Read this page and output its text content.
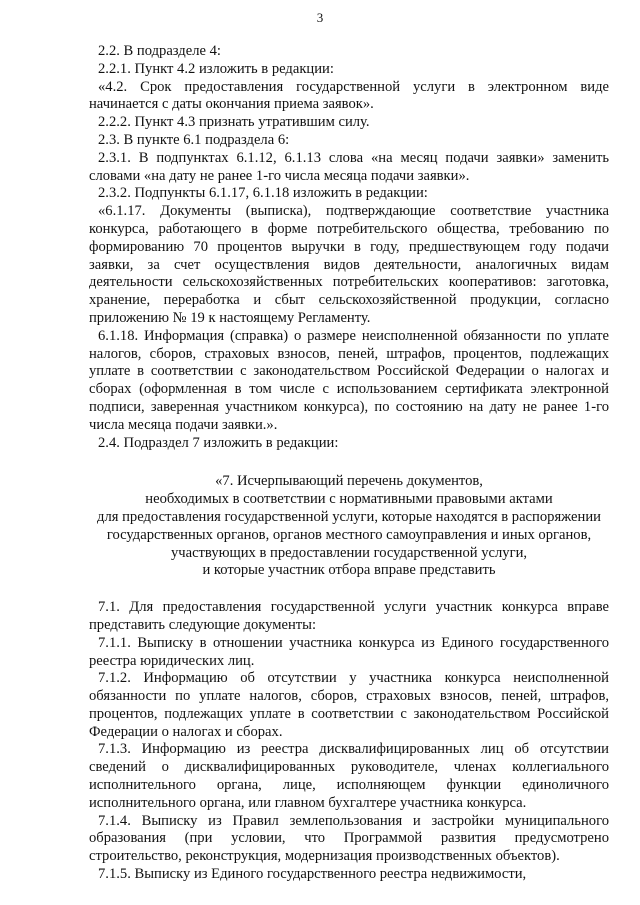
3

2.2. В подразделе 4:

2.2.1. Пункт 4.2 изложить в редакции:

«4.2. Срок предоставления государственной услуги в электронном виде начинается с даты окончания приема заявок».

2.2.2. Пункт 4.3 признать утратившим силу.

2.3. В пункте 6.1 подраздела 6:

2.3.1. В подпунктах 6.1.12, 6.1.13 слова «на месяц подачи заявки» заменить словами «на дату не ранее 1-го числа месяца подачи заявки».

2.3.2. Подпункты 6.1.17, 6.1.18 изложить в редакции:

«6.1.17. Документы (выписка), подтверждающие соответствие участника конкурса, работающего в форме потребительского общества, требованию по формированию 70 процентов выручки в году, предшествующем году подачи заявки, за счет осуществления видов деятельности, аналогичных видам деятельности сельскохозяйственных потребительских кооперативов: заготовка, хранение, переработка и сбыт сельскохозяйственной продукции, согласно приложению № 19 к настоящему Регламенту.

6.1.18. Информация (справка) о размере неисполненной обязанности по уплате налогов, сборов, страховых взносов, пеней, штрафов, процентов, подлежащих уплате в соответствии с законодательством Российской Федерации о налогах и сборах (оформленная в том числе с использованием сертификата электронной подписи, заверенная участником конкурса), по состоянию на дату не ранее 1-го числа месяца подачи заявки.».

2.4. Подраздел 7 изложить в редакции:

«7. Исчерпывающий перечень документов,

необходимых в соответствии с нормативными правовыми актами

для предоставления государственной услуги, которые находятся в распоряжении

государственных органов, органов местного самоуправления и иных органов,

участвующих в предоставлении государственной услуги,

и которые участник отбора вправе представить

7.1. Для предоставления государственной услуги участник конкурса вправе представить следующие документы:

7.1.1. Выписку в отношении участника конкурса из Единого государственного реестра юридических лиц.

7.1.2. Информацию об отсутствии у участника конкурса неисполненной обязанности по уплате налогов, сборов, страховых взносов, пеней, штрафов, процентов, подлежащих уплате в соответствии с законодательством Российской Федерации о налогах и сборах.

7.1.3. Информацию из реестра дисквалифицированных лиц об отсутствии сведений о дисквалифицированных руководителе, членах коллегиального исполнительного органа, лице, исполняющем функции единоличного исполнительного органа, или главном бухгалтере участника конкурса.

7.1.4. Выписку из Правил землепользования и застройки муниципального образования (при условии, что Программой развития предусмотрено строительство, реконструкция, модернизация производственных объектов).

7.1.5. Выписку из Единого государственного реестра недвижимости,
